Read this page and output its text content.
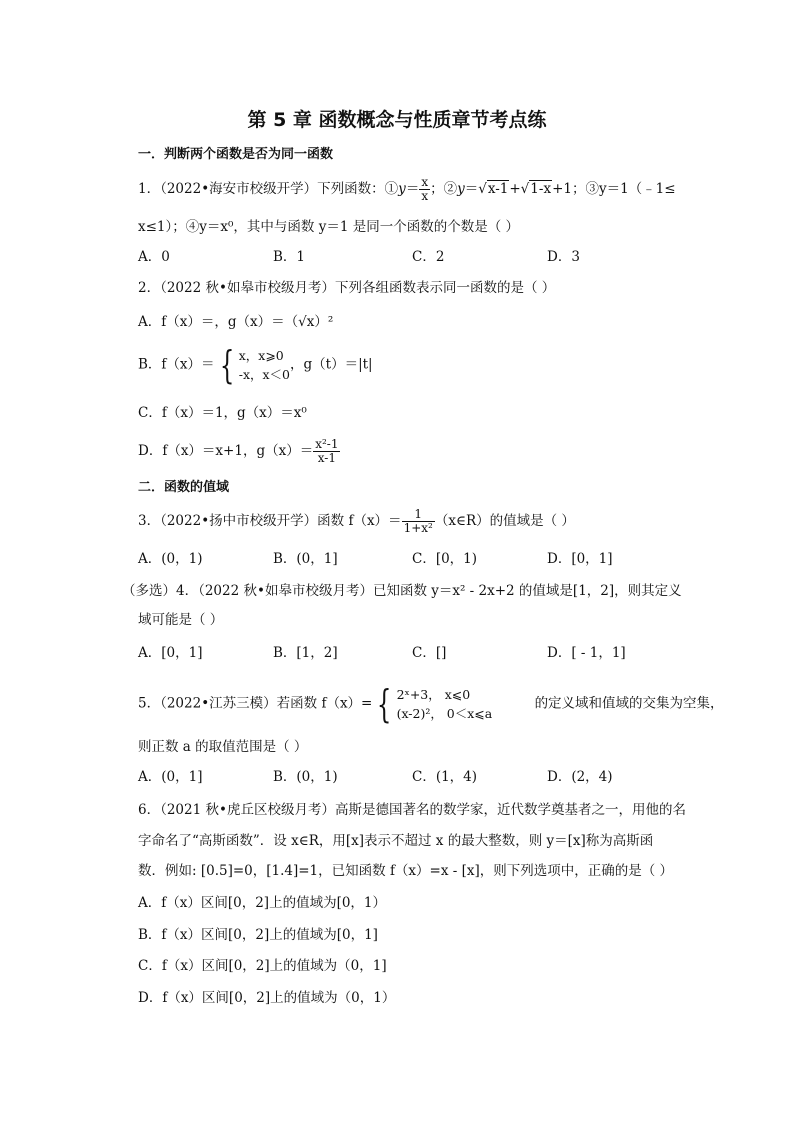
第 5 章 函数概念与性质章节考点练
一．判断两个函数是否为同一函数
1．（2022•海安市校级开学）下列函数：①y＝ $\frac{x}{x}$ ；②y＝√x-1+√1-x+1；③y＝1（﹣1≤
x≤1）；④y＝x⁰，其中与函数 y＝1 是同一个函数的个数是（ ）
A．0	B．1	C．2	D．3
2．（2022 秋•如皋市校级月考）下列各组函数表示同一函数的是（ ）
A．f（x）＝，g（x）＝（√x）²
B．f（x）＝ { x，x⩾0
-x，x＜0
，g（t）＝|t|
C．f（x）＝1，g（x）＝x⁰
D．f（x）＝x+1，$g(x)= \frac{\text{x²-1}}{x-1}$
二．函数的值域
3．（2022•扬中市校级开学）函数 $f(x)= \frac{1}{\text{1+x²}}$ （x∈R）的值域是（ ）
A．(0，1)	B．(0，1]	C．[0，1)	D．[0，1]
（多选）4．（2022 秋•如皋市校级月考）已知函数 y＝x² - 2x+2 的值域是[1，2]，则其定义
域可能是（ ）
A．[0，1]	B．[1，2]	C．[]	D．[ - 1，1]
5．（2022•江苏三模）若函数 f（x）= { 2ˣ+3， x⩽0
(x-2)²， 0＜x⩽a
的定义域和值域的交集为空集，
则正数 a 的取值范围是（ ）
A．(0，1]	B．(0，1)	C．(1，4)	D．(2，4)
6．（2021 秋•虎丘区校级月考）高斯是德国著名的数学家，近代数学奠基者之一，用他的名
字命名了“高斯函数”．设 x∈R，用[x]表示不超过 x 的最大整数，则 y＝[x]称为高斯函
数．例如: [0.5]=0，[1.4]=1，已知函数 f（x）=x - [x]，则下列选项中，正确的是（ ）
A．f（x）区间[0，2]上的值域为[0，1）
B．f（x）区间[0，2]上的值域为[0，1]
C．f（x）区间[0，2]上的值域为（0，1]
D．f（x）区间[0，2]上的值域为（0，1）
